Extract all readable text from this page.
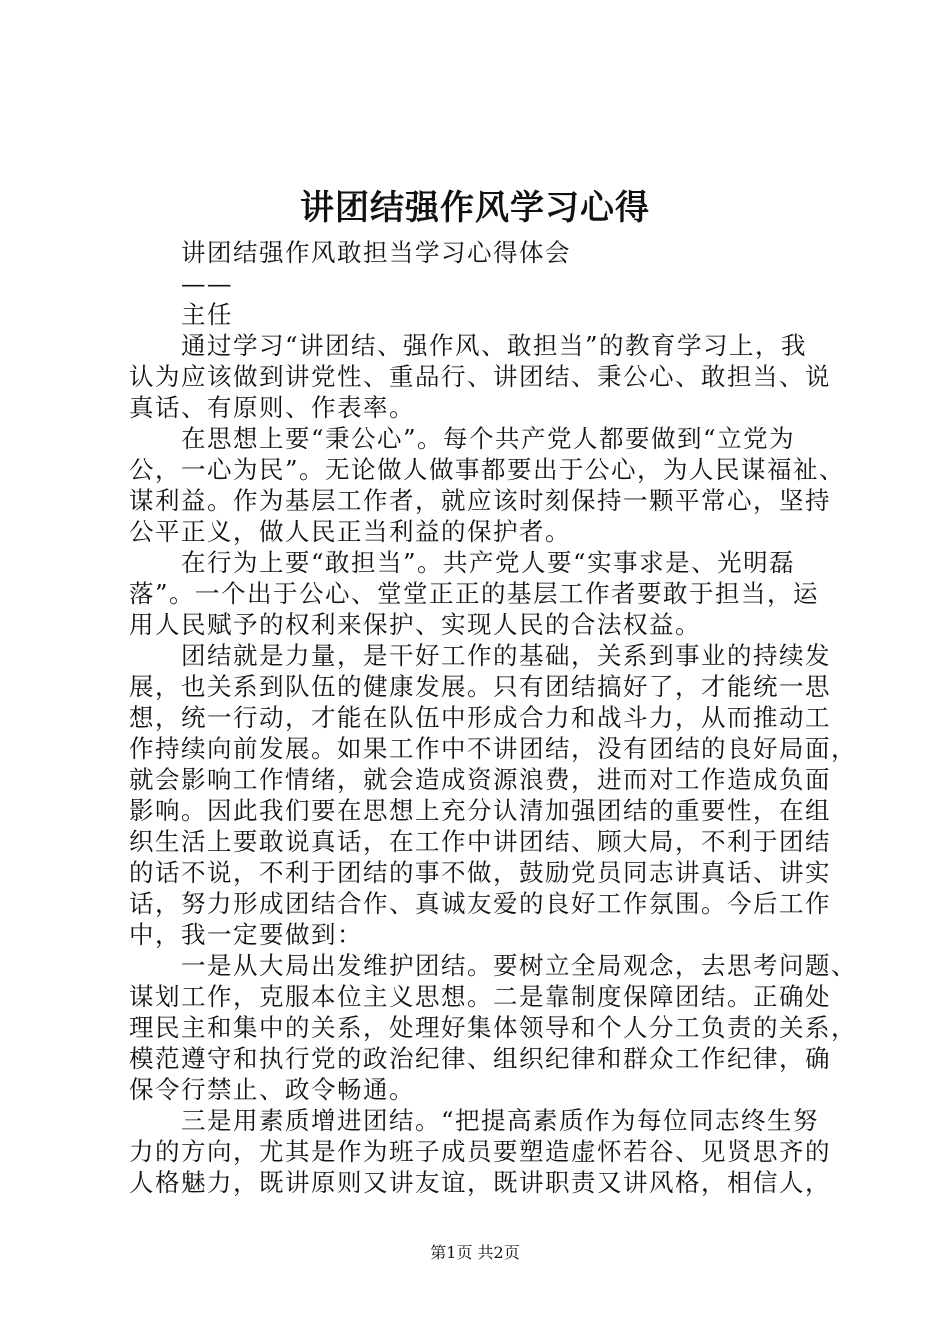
讲团结强作风学习心得
讲团结强作风敢担当学习心得体会
——
主任
通过学习“讲团结、强作风、敢担当”的教育学习上，我
认为应该做到讲党性、重品行、讲团结、秉公心、敢担当、说
真话、有原则、作表率。
在思想上要“秉公心”。每个共产党人都要做到“立党为
公，一心为民”。无论做人做事都要出于公心，为人民谋福祉、
谋利益。作为基层工作者，就应该时刻保持一颗平常心，坚持
公平正义，做人民正当利益的保护者。
在行为上要“敢担当”。共产党人要“实事求是、光明磊
落”。一个出于公心、堂堂正正的基层工作者要敢于担当，运
用人民赋予的权利来保护、实现人民的合法权益。
团结就是力量，是干好工作的基础，关系到事业的持续发
展，也关系到队伍的健康发展。只有团结搞好了，才能统一思
想，统一行动，才能在队伍中形成合力和战斗力，从而推动工
作持续向前发展。如果工作中不讲团结，没有团结的良好局面，
就会影响工作情绪，就会造成资源浪费，进而对工作造成负面
影响。因此我们要在思想上充分认清加强团结的重要性，在组
织生活上要敢说真话，在工作中讲团结、顾大局，不利于团结
的话不说，不利于团结的事不做，鼓励党员同志讲真话、讲实
话，努力形成团结合作、真诚友爱的良好工作氛围。今后工作
中，我一定要做到：
一是从大局出发维护团结。要树立全局观念，去思考问题、
谋划工作，克服本位主义思想。二是靠制度保障团结。正确处
理民主和集中的关系，处理好集体领导和个人分工负责的关系，
模范遵守和执行党的政治纪律、组织纪律和群众工作纪律，确
保令行禁止、政令畅通。
三是用素质增进团结。“把提高素质作为每位同志终生努
力的方向，尤其是作为班子成员要塑造虚怀若谷、见贤思齐的
人格魅力，既讲原则又讲友谊，既讲职责又讲风格，相信人，
第1页 共2页
